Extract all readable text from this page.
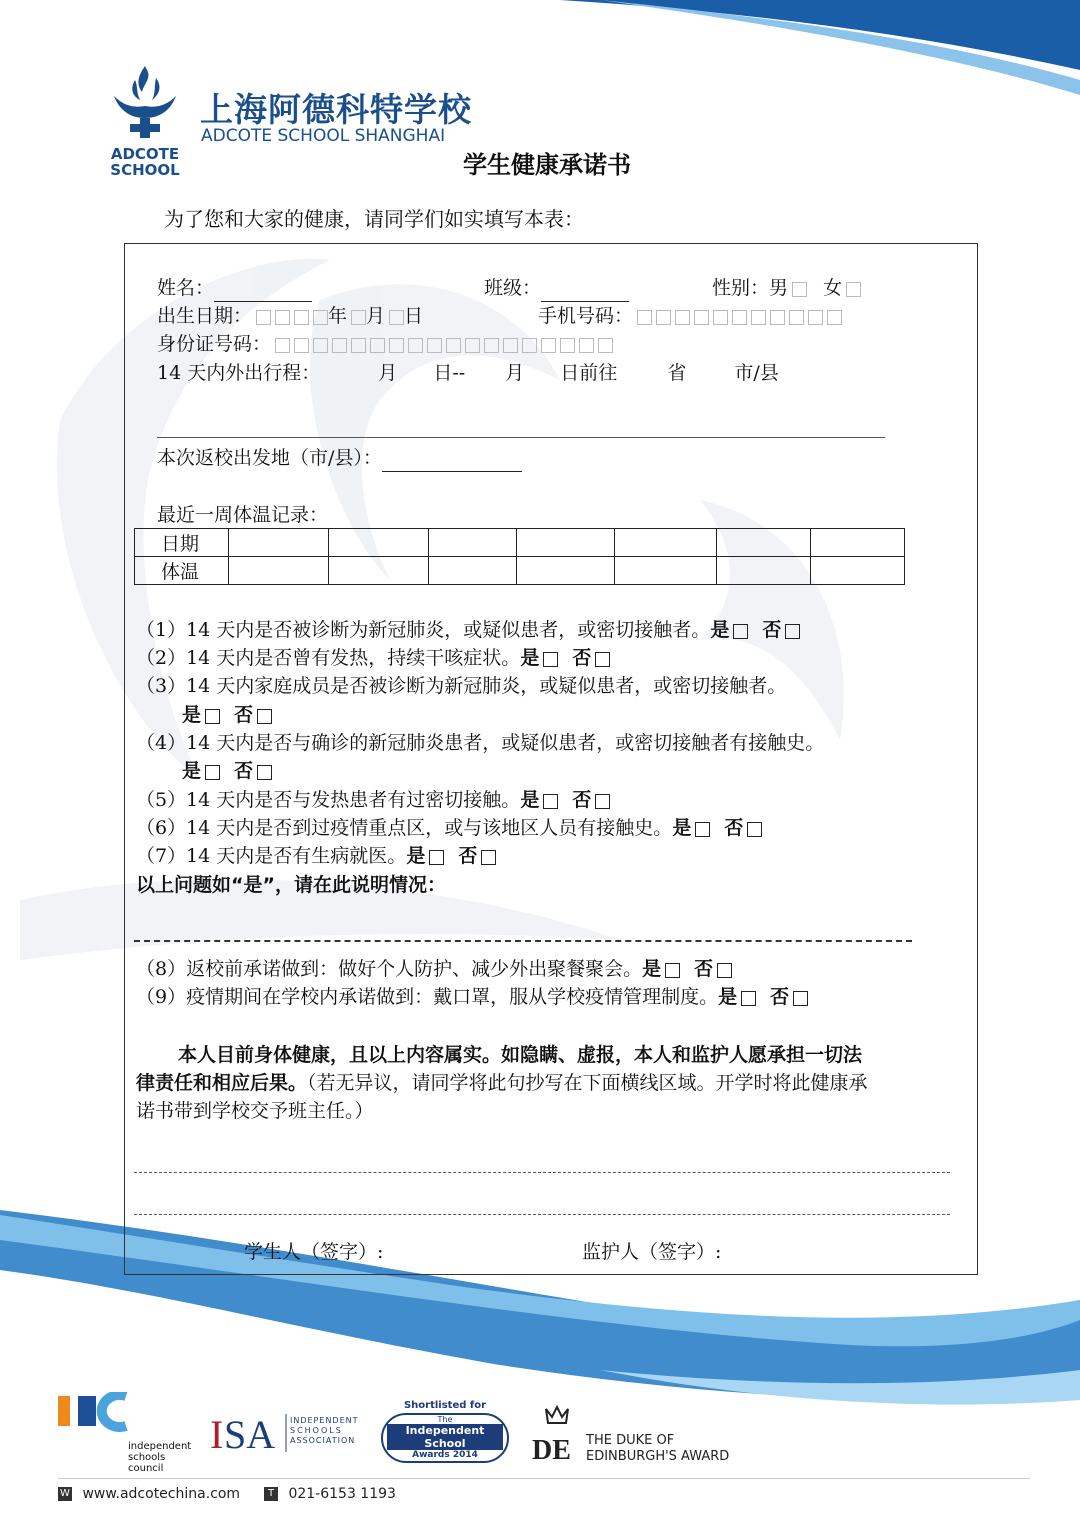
ADCOTE
SCHOOL
上海阿德科特学校
ADCOTE SCHOOL SHANGHAI
学生健康承诺书
为了您和大家的健康，请同学们如实填写本表：
姓名：	班级：	性别：男 女
出生日期：	年 月 日	手机号码：
身份证号码：
14 天内外出行程：	月 日-- 月 日前往	省	市/县
本次返校出发地（市/县）：
最近一周体温记录：
日期							
体温							
（1）14 天内是否被诊断为新冠肺炎，或疑似患者，或密切接触者。是 否
（2）14 天内是否曾有发热，持续干咳症状。是 否
（3）14 天内家庭成员是否被诊断为新冠肺炎，或疑似患者，或密切接触者。
是 否
（4）14 天内是否与确诊的新冠肺炎患者，或疑似患者，或密切接触者有接触史。
是 否
（5）14 天内是否与发热患者有过密切接触。是 否
（6）14 天内是否到过疫情重点区，或与该地区人员有接触史。是 否
（7）14 天内是否有生病就医。是 否
以上问题如“是”，请在此说明情况：
（8）返校前承诺做到：做好个人防护、减少外出聚餐聚会。是 否
（9）疫情期间在学校内承诺做到：戴口罩，服从学校疫情管理制度。是 否
本人目前身体健康，且以上内容属实。如隐瞒、虚报，本人和监护人愿承担一切法
律责任和相应后果。（若无异议，请同学将此句抄写在下面横线区域。开学时将此健康承
诺书带到学校交予班主任。）
学生人（签字）:	监护人（签字）:
independent
schools
council
I SA INDEPENDENT
SCHOOLS
ASSOCIATION
Shortlisted for
The
Independent School
Awards 2014	DE THE DUKE OF
EDINBURGH'S AWARD
W www.adcotechina.com	T 021-6153 1193
